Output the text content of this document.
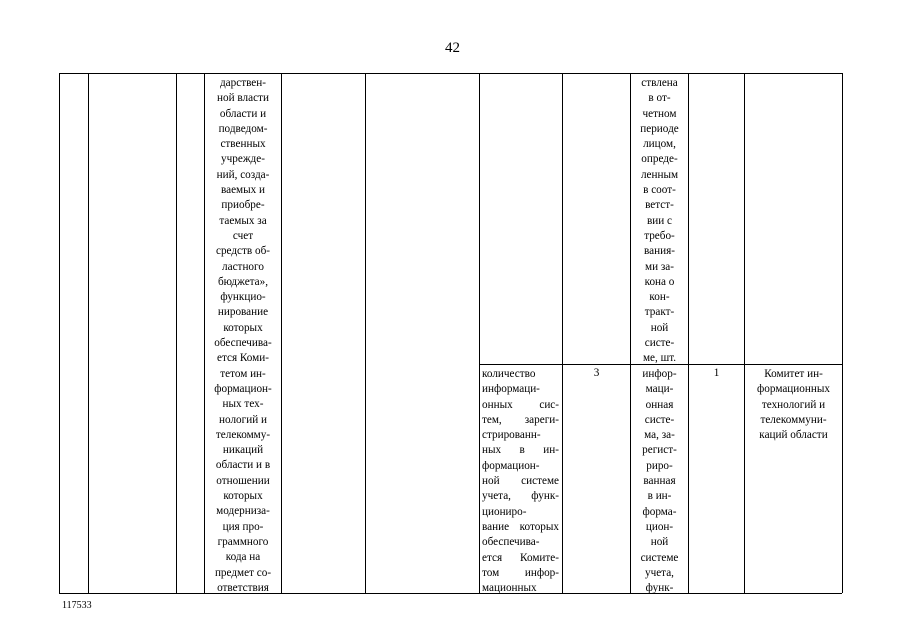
42
дарствен-
ной власти
области и
подведом-
ственных
учрежде-
ний, созда-
ваемых и
приобре-
таемых за
счет
средств об-
ластного
бюджета»,
функцио-
нирование
которых
обеспечива-
ется Коми-
тетом ин-
формацион-
ных тех-
нологий и
телекомму-
никаций
области и в
отношении
которых
модерниза-
ция про-
граммного
кода на
предмет со-
ответствия
ствлена
в от-
четном
периоде
лицом,
опреде-
ленным
в соот-
ветст-
вии с
требо-
вания-
ми за-
кона о
кон-
тракт-
ной
систе-
ме, шт.
количество
информаци-
онных сис-
тем, зареги-
стрированн-
ных в ин-
формацион-
ной системе
учета, функ-
циониро-
вание которых
обеспечива-
ется Комите-
том инфор-
мационных
3	инфор-
маци-
онная
систе-
ма, за-
регист-
риро-
ванная
в ин-
форма-
цион-
ной
системе
учета,
функ-
1	Комитет ин-
формационных
технологий и
телекоммуни-
каций области
117533
